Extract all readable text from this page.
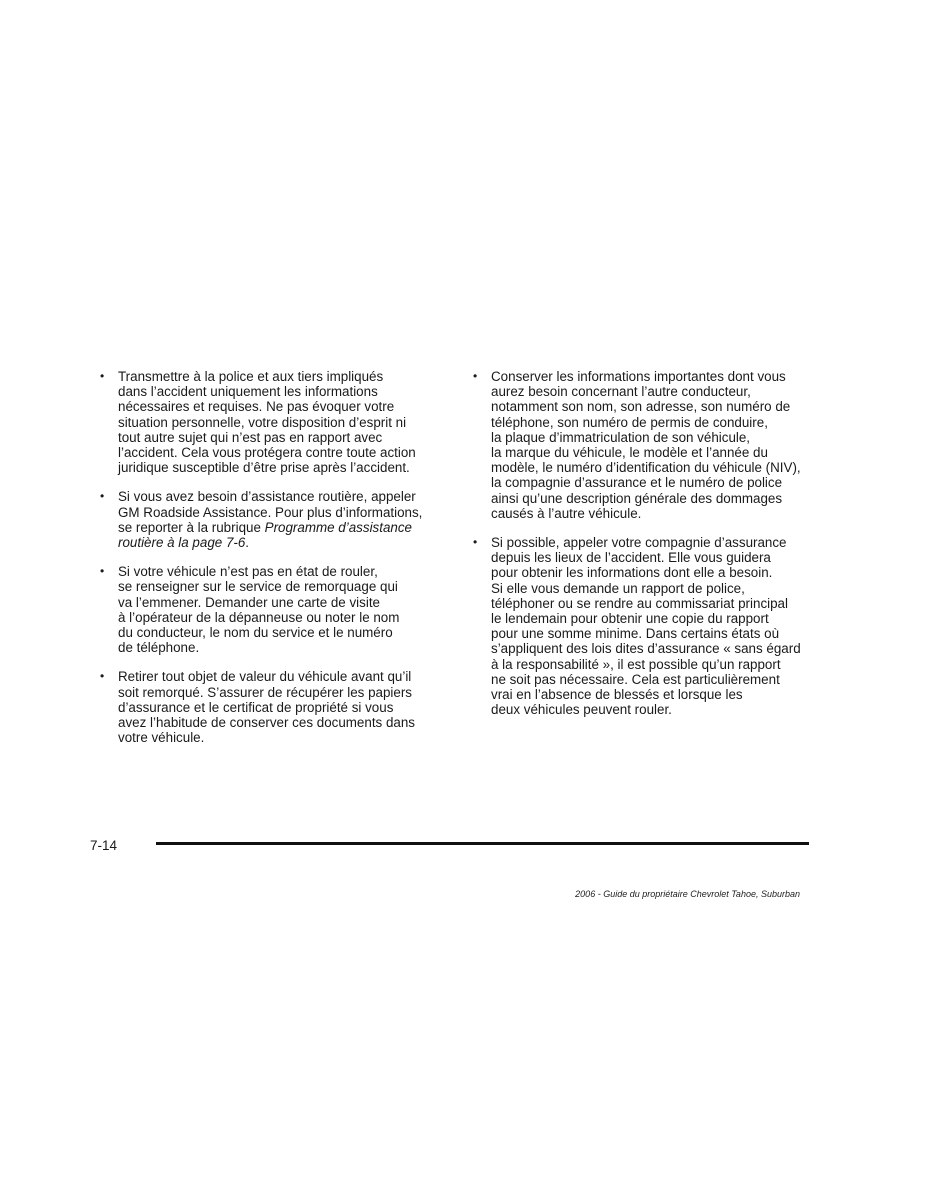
• Transmettre à la police et aux tiers impliqués
dans l’accident uniquement les informations
nécessaires et requises. Ne pas évoquer votre
situation personnelle, votre disposition d’esprit ni
tout autre sujet qui n’est pas en rapport avec
l’accident. Cela vous protégera contre toute action
juridique susceptible d’être prise après l’accident.
• Si vous avez besoin d’assistance routière, appeler
GM Roadside Assistance. Pour plus d’informations,
se reporter à la rubrique Programme d’assistance
routière à la page 7-6.
• Si votre véhicule n’est pas en état de rouler,
se renseigner sur le service de remorquage qui
va l’emmener. Demander une carte de visite
à l’opérateur de la dépanneuse ou noter le nom
du conducteur, le nom du service et le numéro
de téléphone.
• Retirer tout objet de valeur du véhicule avant qu’il
soit remorqué. S’assurer de récupérer les papiers
d’assurance et le certificat de propriété si vous
avez l’habitude de conserver ces documents dans
votre véhicule.
• Conserver les informations importantes dont vous
aurez besoin concernant l’autre conducteur,
notamment son nom, son adresse, son numéro de
téléphone, son numéro de permis de conduire,
la plaque d’immatriculation de son véhicule,
la marque du véhicule, le modèle et l’année du
modèle, le numéro d’identification du véhicule (NIV),
la compagnie d’assurance et le numéro de police
ainsi qu’une description générale des dommages
causés à l’autre véhicule.
• Si possible, appeler votre compagnie d’assurance
depuis les lieux de l’accident. Elle vous guidera
pour obtenir les informations dont elle a besoin.
Si elle vous demande un rapport de police,
téléphoner ou se rendre au commissariat principal
le lendemain pour obtenir une copie du rapport
pour une somme minime. Dans certains états où
s’appliquent des lois dites d’assurance « sans égard
à la responsabilité », il est possible qu’un rapport
ne soit pas nécessaire. Cela est particulièrement
vrai en l’absence de blessés et lorsque les
deux véhicules peuvent rouler.
7-14
2006 - Guide du propriétaire Chevrolet Tahoe, Suburban
